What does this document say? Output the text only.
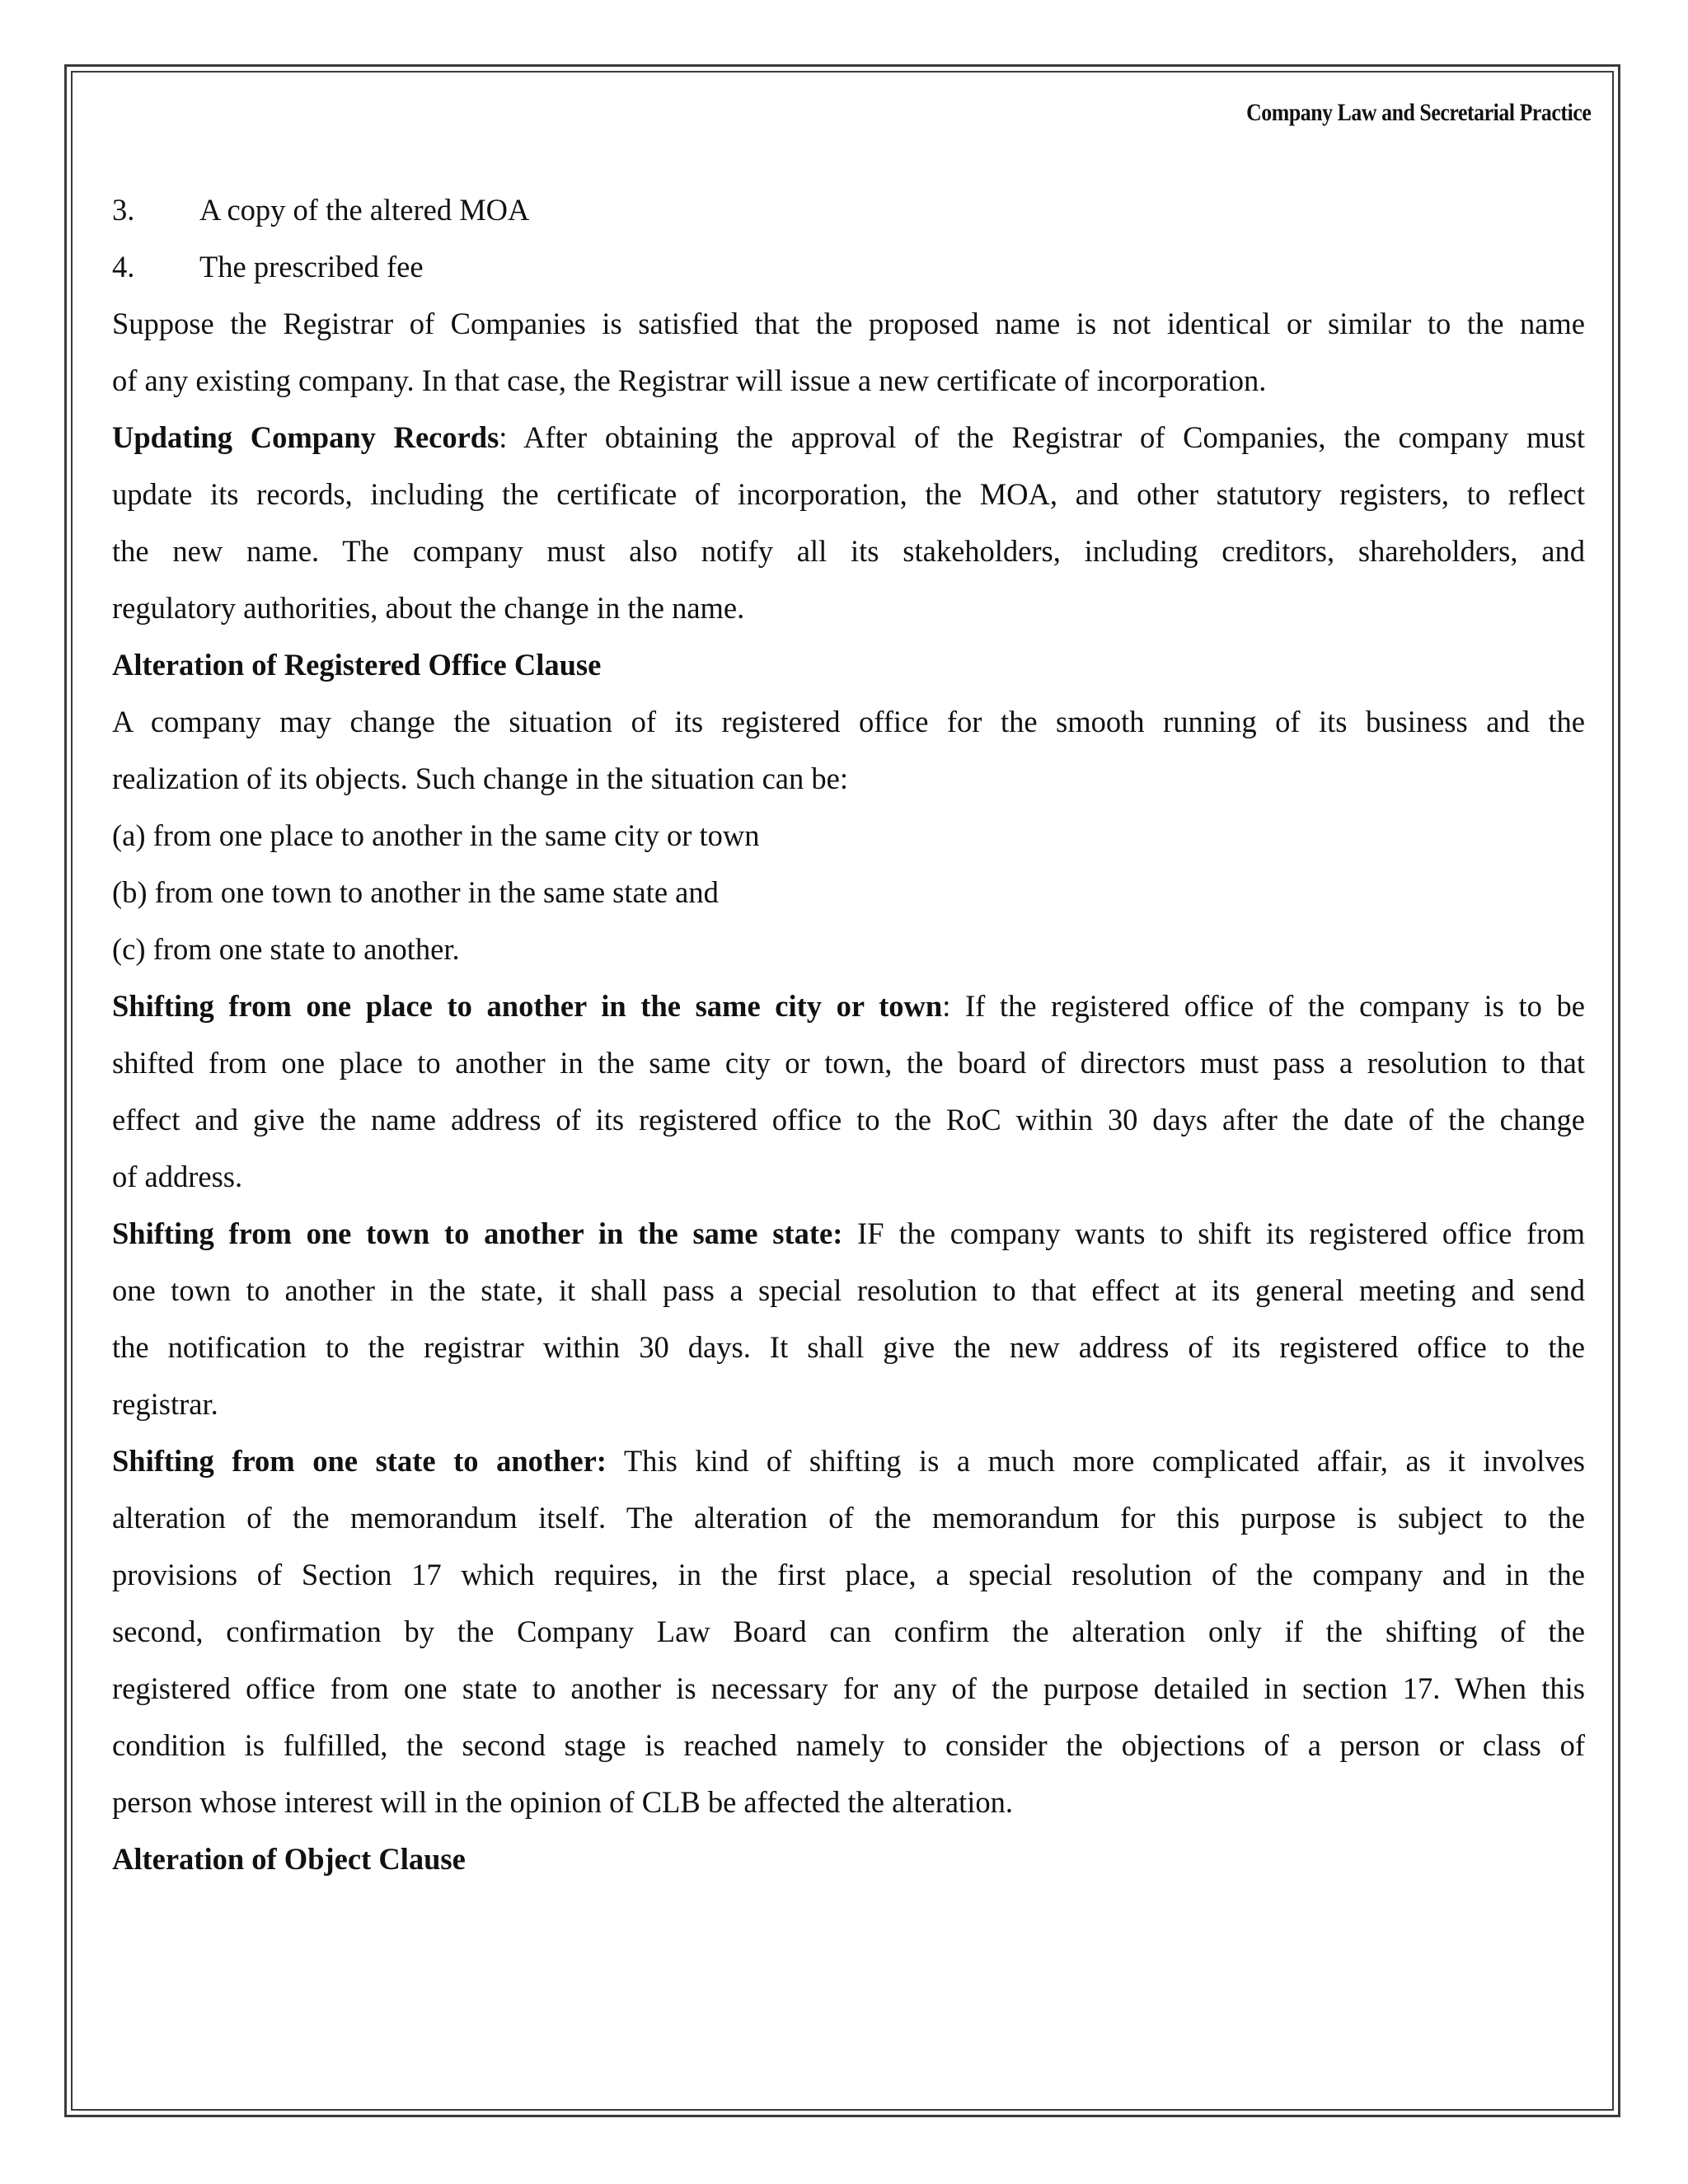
Company Law and Secretarial Practice
3. A copy of the altered MOA
4. The prescribed fee
Suppose the Registrar of Companies is satisfied that the proposed name is not identical or similar to the name
of any existing company. In that case, the Registrar will issue a new certificate of incorporation.
Updating Company Records: After obtaining the approval of the Registrar of Companies, the company must
update its records, including the certificate of incorporation, the MOA, and other statutory registers, to reflect
the new name. The company must also notify all its stakeholders, including creditors, shareholders, and
regulatory authorities, about the change in the name.
Alteration of Registered Office Clause
A company may change the situation of its registered office for the smooth running of its business and the
realization of its objects. Such change in the situation can be:
(a) from one place to another in the same city or town
(b) from one town to another in the same state and
(c) from one state to another.
Shifting from one place to another in the same city or town: If the registered office of the company is to be
shifted from one place to another in the same city or town, the board of directors must pass a resolution to that
effect and give the name address of its registered office to the RoC within 30 days after the date of the change
of address.
Shifting from one town to another in the same state: IF the company wants to shift its registered office from
one town to another in the state, it shall pass a special resolution to that effect at its general meeting and send
the notification to the registrar within 30 days. It shall give the new address of its registered office to the
registrar.
Shifting from one state to another: This kind of shifting is a much more complicated affair, as it involves
alteration of the memorandum itself. The alteration of the memorandum for this purpose is subject to the
provisions of Section 17 which requires, in the first place, a special resolution of the company and in the
second, confirmation by the Company Law Board can confirm the alteration only if the shifting of the
registered office from one state to another is necessary for any of the purpose detailed in section 17. When this
condition is fulfilled, the second stage is reached namely to consider the objections of a person or class of
person whose interest will in the opinion of CLB be affected the alteration.
Alteration of Object Clause
